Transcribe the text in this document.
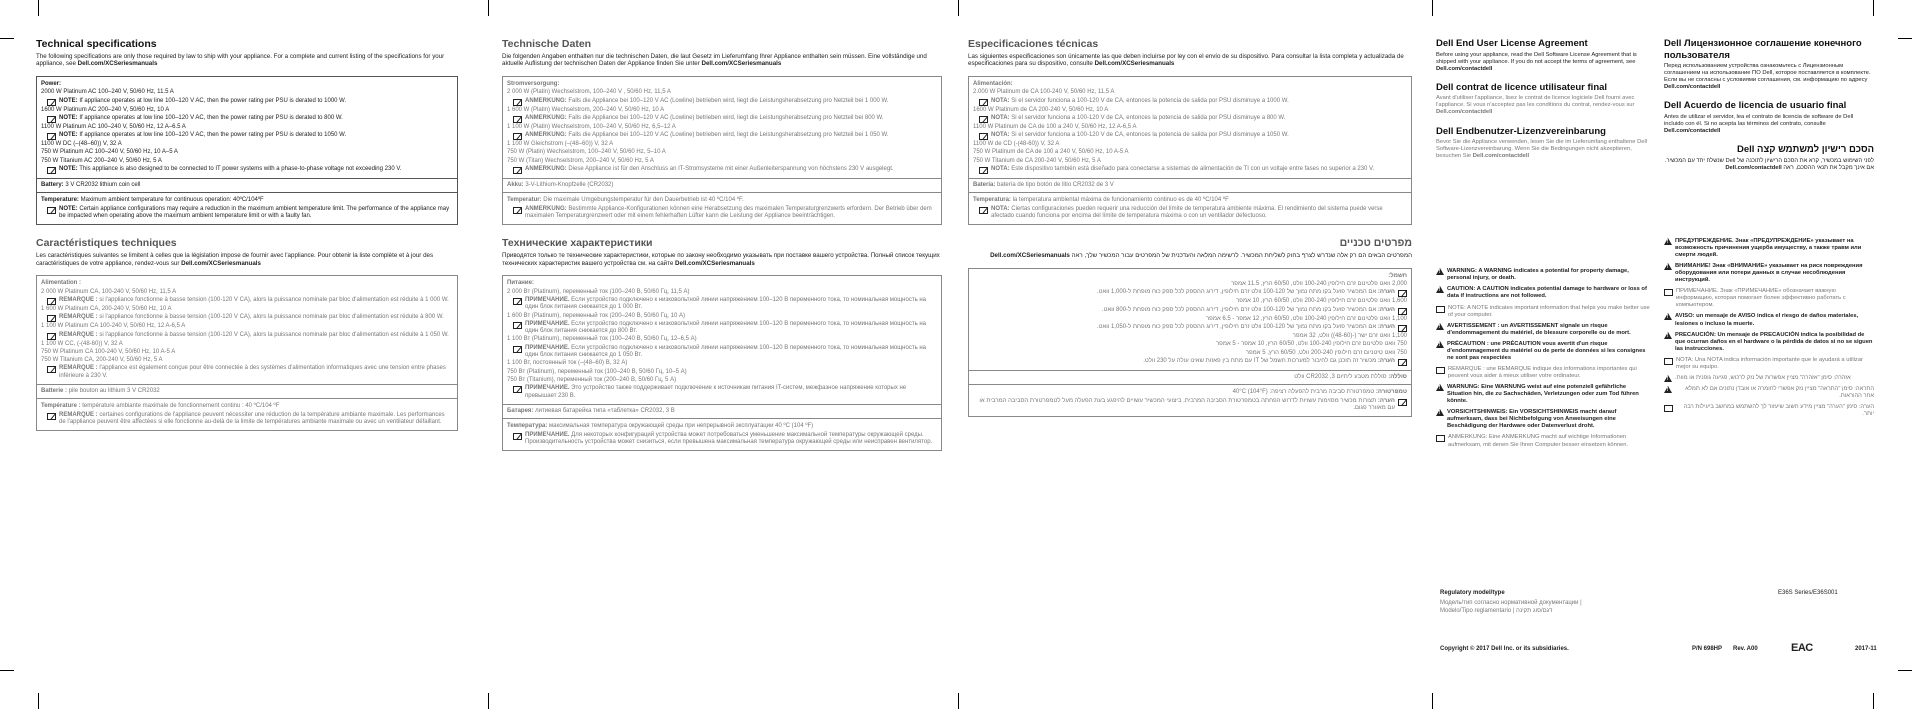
Technical specifications
The following specifications are only those required by law to ship with your appliance. For a complete and current listing of the specifications for your appliance, see Dell.com/XCSeriesmanuals
Power:
2000 W Platinum AC 100–240 V, 50/60 Hz, 11.5 A
NOTE: If appliance operates at low line 100–120 V AC, then the power rating per PSU is derated to 1000 W.
1600 W Platinum AC 200–240 V, 50/60 Hz, 10 A
NOTE: If appliance operates at low line 100–120 V AC, then the power rating per PSU is derated to 800 W.
1100 W Platinum AC 100–240 V, 50/60 Hz, 12 A–6.5 A
NOTE: If appliance operates at low line 100–120 V AC, then the power rating per PSU is derated to 1050 W.
1100 W DC (–(48–60)) V, 32 A
750 W Platinum AC 100–240 V, 50/60 Hz, 10 A–5 A
750 W Titanium AC 200–240 V, 50/60 Hz, 5 A
NOTE: This appliance is also designed to be connected to IT power systems with a phase-to-phase voltage not exceeding 230 V.
Battery: 3 V CR2032 lithium coin cell
Temperature: Maximum ambient temperature for continuous operation: 40ºC/104ºF
NOTE: Certain appliance configurations may require a reduction in the maximum ambient temperature limit. The performance of the appliance may be impacted when operating above the maximum ambient temperature limit or with a faulty fan.
Caractéristiques techniques
Les caractéristiques suivantes se limitent à celles que la législation impose de fournir avec l'appliance. Pour obtenir la liste complète et à jour des caractéristiques de votre appliance, rendez-vous sur Dell.com/XCSeriesmanuals
Alimentation :
2 000 W Platinum CA, 100-240 V, 50/60 Hz, 11,5 A
REMARQUE : si l'appliance fonctionne à basse tension (100-120 V CA), alors la puissance nominale par bloc d'alimentation est réduite à 1 000 W.
1 600 W Platinum CA, 200-240 V, 50/60 Hz, 10 A
REMARQUE : si l'appliance fonctionne à basse tension (100-120 V CA), alors la puissance nominale par bloc d'alimentation est réduite à 800 W.
1 100 W Platinum CA 100-240 V, 50/60 Hz, 12 A-6,5 A
REMARQUE : si l'appliance fonctionne à basse tension (100-120 V CA), alors la puissance nominale par bloc d'alimentation est réduite à 1 050 W.
1 100 W CC, (-(48-60)) V, 32 A
750 W Platinum CA 100-240 V, 50/60 Hz, 10 A-5 A
750 W Titanium CA, 200-240 V, 50/60 Hz, 5 A
REMARQUE : l'appliance est également conçue pour être connectée à des systèmes d'alimentation informatiques avec une tension entre phases inférieure à 230 V.
Batterie : pile bouton au lithium 3 V CR2032
Température : température ambiante maximale de fonctionnement continu : 40 ºC/104 ºF
REMARQUE : certaines configurations de l'appliance peuvent nécessiter une réduction de la température ambiante maximale. Les performances de l'appliance peuvent être affectées si elle fonctionne au-delà de la limite de températures ambiante maximale ou avec un ventilateur défaillant.
Technische Daten
Die folgenden Angaben enthalten nur die technischen Daten, die laut Gesetz im Lieferumfang Ihrer Appliance enthalten sein müssen. Eine vollständige und aktuelle Auflistung der technischen Daten der Appliance finden Sie unter Dell.com/XCSeriesmanuals
Stromversorgung:
2 000 W (Platin) Wechselstrom, 100–240 V , 50/60 Hz, 11,5 A
ANMERKUNG: Falls die Appliance bei 100–120 V AC (Lowline) betrieben wird, liegt die Leistungsherabsetzung pro Netzteil bei 1 000 W.
1 600 W (Platin) Wechselstrom, 200–240 V, 50/60 Hz, 10 A
ANMERKUNG: Falls die Appliance bei 100–120 V AC (Lowline) betrieben wird, liegt die Leistungsherabsetzung pro Netzteil bei 800 W.
1 100 W (Platin) Wechselstrom, 100–240 V, 50/60 Hz, 6,5–12 A
ANMERKUNG: Falls die Appliance bei 100–120 V AC (Lowline) betrieben wird, liegt die Leistungsherabsetzung pro Netzteil bei 1 050 W.
1 100 W Gleichstrom (–(48–60)) V, 32 A
750 W (Platin) Wechselstrom, 100–240 V, 50/60 Hz, 5–10 A
750 W (Titan) Wechselstrom, 200–240 V, 50/60 Hz, 5 A
ANMERKUNG: Diese Appliance ist für den Anschluss an IT-Stromsysteme mit einer Außenleiterspannung von höchstens 230 V ausgelegt.
Akku: 3-V-Lithium-Knopfzelle (CR2032)
Temperatur: Die maximale Umgebungstemperatur für den Dauerbetrieb ist 40 ºC/104 ºF.
ANMERKUNG: Bestimmte Appliance-Konfigurationen können eine Herabsetzung des maximalen Temperaturgrenzwerts erfordern. Der Betrieb über dem maximalen Temperaturgrenzwert oder mit einem fehlerhaften Lüfter kann die Leistung der Appliance beeinträchtigen.
Технические характеристики
Приводятся только те технические характеристики, которые по закону необходимо указывать при поставке вашего устройства. Полный список текущих технических характеристик вашего устройства см. на сайте Dell.com/XCSeriesmanuals
Питание:
2 000 Вт (Platinum), переменный ток (100–240 В, 50/60 Гц, 11,5 А)
ПРИМЕЧАНИЕ. Если устройство подключено к низковольтной линии напряжением 100–120 В переменного тока, то номинальная мощность на один блок питания снижается до 1 000 Вт.
1 600 Вт (Platinum), переменный ток (200–240 В, 50/60 Гц, 10 А)
ПРИМЕЧАНИЕ. Если устройство подключено к низковольтной линии напряжением 100–120 В переменного тока, то номинальная мощность на один блок питания снижается до 800 Вт.
1 100 Вт (Platinum), переменный ток (100–240 В, 50/60 Гц, 12–6,5 А)
ПРИМЕЧАНИЕ. Если устройство подключено к низковольтной линии напряжением 100–120 В переменного тока, то номинальная мощность на один блок питания снижается до 1 050 Вт.
1 100 Вт, постоянный ток (–(48–60) В, 32 А)
750 Вт (Platinum), переменный ток (100–240 В, 50/60 Гц, 10–5 А)
750 Вт (Titanium), переменный ток (200–240 В, 50/60 Гц, 5 А)
ПРИМЕЧАНИЕ. Это устройство также поддерживает подключение к источникам питания IT-систем, межфазное напряжение которых не превышает 230 В.
Батарея: литиевая батарейка типа «таблетка» CR2032, 3 В
Температура: максимальная температура окружающей среды при непрерывной эксплуатации 40 ºC (104 ºF)
ПРИМЕЧАНИЕ. Для некоторых конфигураций устройства может потребоваться уменьшение максимальной температуры окружающей среды. Производительность устройства может снизиться, если превышена максимальная температура окружающей среды или неисправен вентилятор.
Especificaciones técnicas
Las siguientes especificaciones son únicamente las que deben incluirse por ley con el envío de su dispositivo. Para consultar la lista completa y actualizada de especificaciones para su dispositivo, consulte Dell.com/XCSeriesmanuals
Alimentación:
2.000 W Platinum de CA 100-240 V, 50/60 Hz, 11,5 A
NOTA: Si el servidor funciona a 100-120 V de CA, entonces la potencia de salida por PSU disminuye a 1000 W.
1600 W Platinum de CA 200-240 V, 50/60 Hz, 10 A
NOTA: Si el servidor funciona a 100-120 V de CA, entonces la potencia de salida por PSU disminuye a 800 W.
1100 W Platinum de CA de 100 a 240 V, 50/60 Hz, 12 A-6,5 A
NOTA: Si el servidor funciona a 100-120 V de CA, entonces la potencia de salida por PSU disminuye a 1050 W.
1100 W de CD (-(48-60)) V, 32 A
750 W Platinum de CA de 100 a 240 V, 50/60 Hz, 10 A-5 A
750 W Titanium de CA 200-240 V, 50/60 Hz, 5 A
NOTA: Este dispositivo también está diseñado para conectarse a sistemas de alimentación de TI con un voltaje entre fases no superior a 230 V.
Batería: batería de tipo botón de litio CR2032 de 3 V
Temperatura: la temperatura ambiental máxima de funcionamiento continuo es de 40 ºC/104 ºF
NOTA: Ciertas configuraciones pueden requerir una reducción del límite de temperatura ambiente máxima. El rendimiento del sistema puede verse afectado cuando funciona por encima del límite de temperatura máxima o con un ventilador defectuoso.
מפרטים טכניים
המפרטים הבאים הם רק אלה שנדרש לצרף בחוק לשליחת המכשיר. לרשימה המלאה והעדכנית של המפרטים עבור המכשיר שלך, ראה Dell.com/XCSeriesmanuals
חשמל:
2,000 וואט פלטינום זרם חילופין 100-240 וולט, 60/50 הרץ, 11.5 אמפר
הערה: אם המכשיר פועל בקו מתח נמוך של 100-120 וולט זרם חילופין, דירוג ההספק לכל ספק כוח מופחת ל-1,000 וואט.
1,600 וואט פלטינום זרם חילופין 200-240 וולט, 60/50 הרץ, 10 אמפר
הערה: אם המכשיר פועל בקו מתח נמוך של 100-120 וולט זרם חילופין, דירוג ההספק לכל ספק כוח מופחת ל-800 וואט.
1,100 וואט פלטינום זרם חילופין 100-240 וולט, 60/50 הרץ, 12 אמפר - 6.5 אמפר
הערה: אם המכשיר פועל בקו מתח נמוך של 100-120 וולט זרם חילופין, דירוג ההספק לכל ספק כוח מופחת ל-1,050 וואט.
1,100 וואט זרם ישר (-(48-60)) וולט, 32 אמפר
750 וואט פלטינום זרם חילופין 100-240 וולט, 60/50 הרץ, 10 אמפר - 5 אמפר
750 וואט טיטניום זרם חילופין 200-240 וולט, 60/50 הרץ, 5 אמפר
הערה: מכשיר זה תוכנן גם לחיבור למערכות חשמל של IT עם מתח בין פאזות שאינו עולה על 230 וולט.
סוללה: סוללת מטבע ליתיום CR2032 ,3 וולט
טמפרטורה: טמפרטורת סביבה מרבית להפעלה רציפה: 40°C (104°F)
הערה: תצורות מכשיר מסוימות עשויות לדרוש הפחתה בטמפרטורת הסביבה המרבית. ביצועי המכשיר עשויים להיפגע בעת הפעלה מעל לטמפרטורת הסביבה המרבית או עם מאוורר פגום.
Dell End User License Agreement

Before using your appliance, read the Dell Software License Agreement that is shipped with your appliance. If you do not accept the terms of agreement, see Dell.com/contactdell

Dell contrat de licence utilisateur final

Avant d'utiliser l'appliance, lisez le contrat de licence logiciele Dell fourni avec l'appliance. Si vous n'acceptez pas les conditions du contrat, rendez-vous sur Dell.com/contactdell

Dell Endbenutzer-Lizenzvereinbarung

Bevor Sie die Appliance verwenden, lesen Sie die im Lieferumfang enthaltene Dell Software-Lizenzvereinbarung. Wenn Sie die Bedingungen nicht akzeptieren, besuchen Sie Dell.com/contactdell

!
WARNING: A WARNING indicates a potential for property damage, personal injury, or death.
!
CAUTION: A CAUTION indicates potential damage to hardware or loss of data if instructions are not followed.
NOTE: A NOTE indicates important information that helps you make better use of your computer.
!
AVERTISSEMENT : un AVERTISSEMENT signale un risque d'endommagement du matériel, de blessure corporelle ou de mort.
!
PRÉCAUTION : une PRÉCAUTION vous avertit d'un risque d'endommagement du matériel ou de perte de données si les consignes ne sont pas respectées
REMARQUE : une REMARQUE indique des informations importantes qui peuvent vous aider à mieux utiliser votre ordinateur.
!
WARNUNG: Eine WARNUNG weist auf eine potenziell gefährliche Situation hin, die zu Sachschäden, Verletzungen oder zum Tod führen könnte.
!
VORSICHTSHINWEIS: Ein VORSICHTSHINWEIS macht darauf aufmerksam, dass bei Nichtbefolgung von Anweisungen eine Beschädigung der Hardware oder Datenverlust droht.
ANMERKUNG: Eine ANMERKUNG macht auf wichtige Informationen aufmerksam, mit denen Sie Ihren Computer besser einsetzen können.
Dell Лицензионное соглашение конечного пользователя

Перед использованием устройства ознакомьтесь с Лицензионным соглашением на использование ПО Dell, которое поставляется в комплекте. Если вы не согласны с условиями соглашения, см. информацию по адресу Dell.com/contactdell

Dell Acuerdo de licencia de usuario final

Antes de utilizar el servidor, lea el contrato de licencia de software de Dell incluido con él. Si no acepta las términos del contrato, consulte Dell.com/contactdell

הסכם רישיון למשתמש קצה Dell

לפני השימוש במכשיר, קרא את הסכם הרישיון לתוכנה של Dell שנשלח יחד עם המכשיר. אם אינך מקבל את תנאי ההסכם, ראה Dell.com/contactdell

!
ПРЕДУПРЕЖДЕНИЕ. Знак «ПРЕДУПРЕЖДЕНИЕ» указывает на возможность причинения ущерба имуществу, а также травм или смерти людей.
!
ВНИМАНИЕ! Знак «ВНИМАНИЕ» указывает на риск повреждения оборудования или потери данных в случае несоблюдения инструкций.
ПРИМЕЧАНИЕ. Знак «ПРИМЕЧАНИЕ» обозначает важную информацию, которая помогает более эффективно работать с компьютером.
!
AVISO: un mensaje de AVISO indica el riesgo de daños materiales, lesiones o incluso la muerte.
!
PRECAUCIÓN: Un mensaje de PRECAUCIÓN indica la posibilidad de que ocurran daños en el hardware o la pérdida de datos si no se siguen las instrucciones.
NOTA: Una NOTA indica información importante que le ayudará a utilizar mejor su equipo.
!
אזהרה: סימן "אזהרה" מציין אפשרות של נזק לרכוש, פגיעה גופנית או מוות.
!
התראה: סימן "התראה" מציין נזק אפשרי לחומרה או אובדן נתונים אם לא תמלא אחר ההוראות.
הערה: סימן "הערה" מציין מידע חשוב שיעזור לך להשתמש במחשב ביעילות רבה יותר.
Regulatory model/type	E36S Series/E36S001
Модель/тип согласно нормативной документации | Modelo/Tipo reglamentario | דגם/סוג תקינה
Copyright © 2017 Dell Inc. or its subsidiaries.	P/N 698HP Rev. A00	EAC	2017-11
